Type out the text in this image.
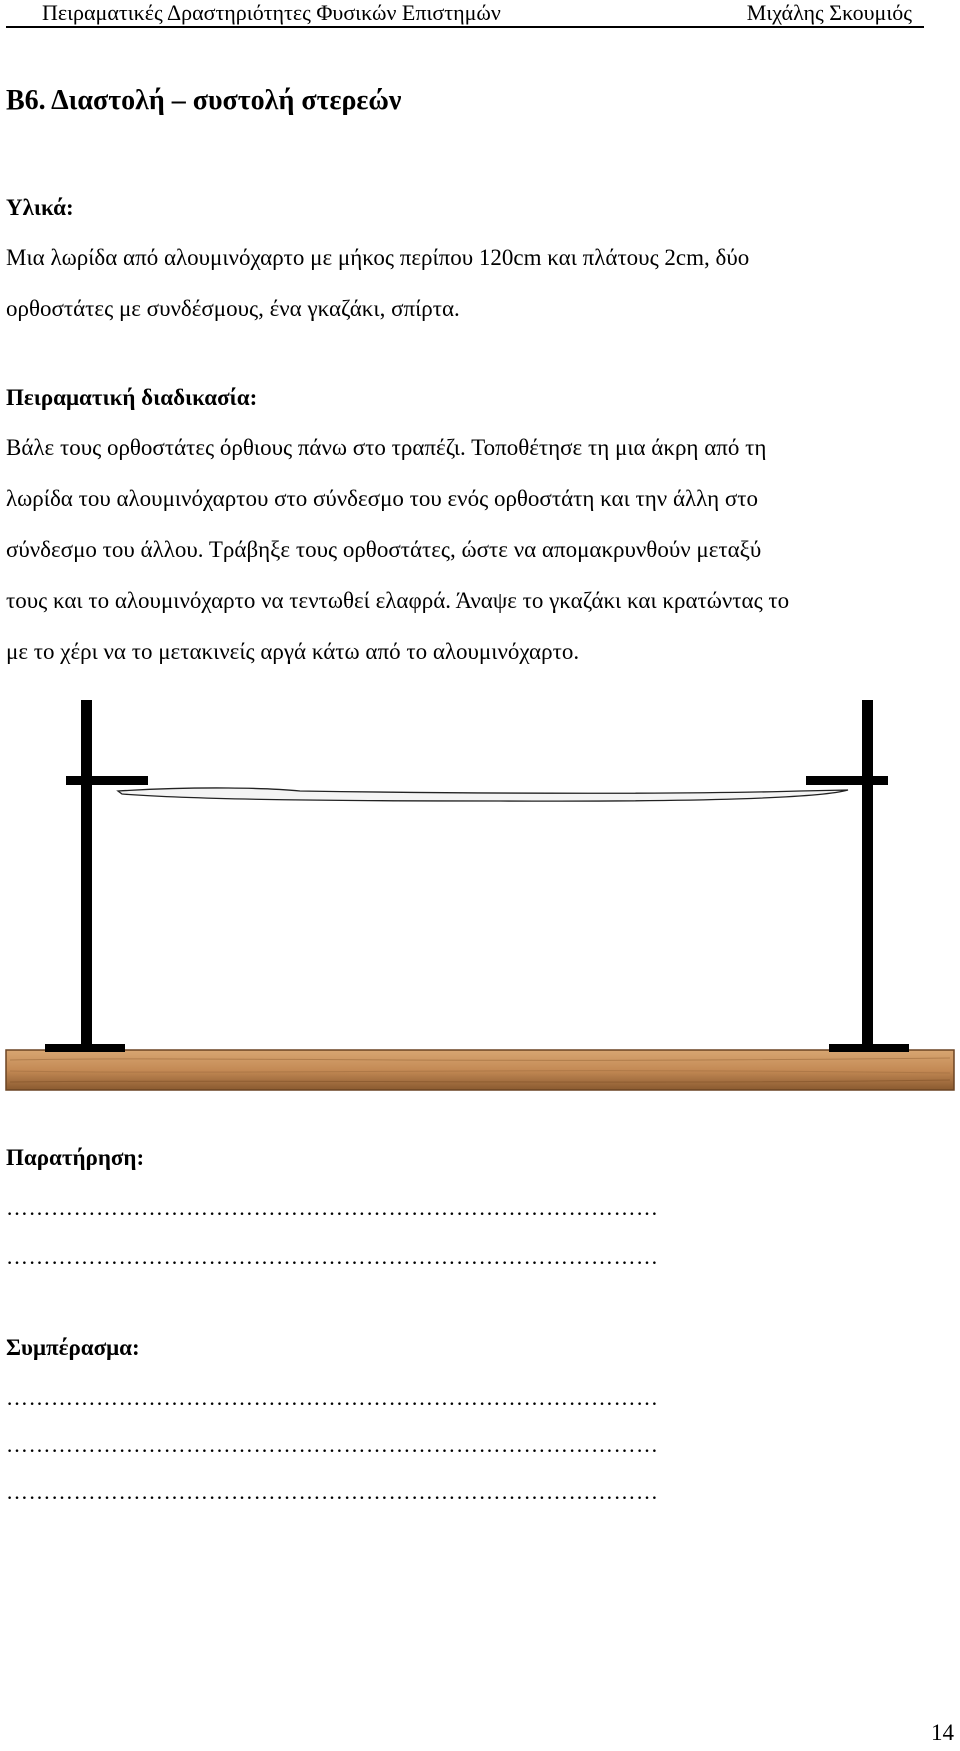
Πειραματικές Δραστηριότητες Φυσικών Επιστημών	Μιχάλης Σκουμιός
Β6. Διαστολή – συστολή στερεών
Υλικά:
Μια λωρίδα από αλουμινόχαρτο με μήκος περίπου 120cm και πλάτους 2cm, δύο
ορθοστάτες με συνδέσμους, ένα γκαζάκι, σπίρτα.
Πειραματική διαδικασία:
Βάλε τους ορθοστάτες όρθιους πάνω στο τραπέζι. Τοποθέτησε τη μια άκρη από τη
λωρίδα του αλουμινόχαρτου στο σύνδεσμο του ενός ορθοστάτη και την άλλη στο
σύνδεσμο του άλλου. Τράβηξε τους ορθοστάτες, ώστε να απομακρυνθούν μεταξύ
τους και το αλουμινόχαρτο να τεντωθεί ελαφρά. Άναψε το γκαζάκι και κρατώντας το
με το χέρι να το μετακινείς αργά κάτω από το αλουμινόχαρτο.
Παρατήρηση:
……………………………………………………………………………
……………………………………………………………………………
Συμπέρασμα:
……………………………………………………………………………
……………………………………………………………………………
……………………………………………………………………………
14
